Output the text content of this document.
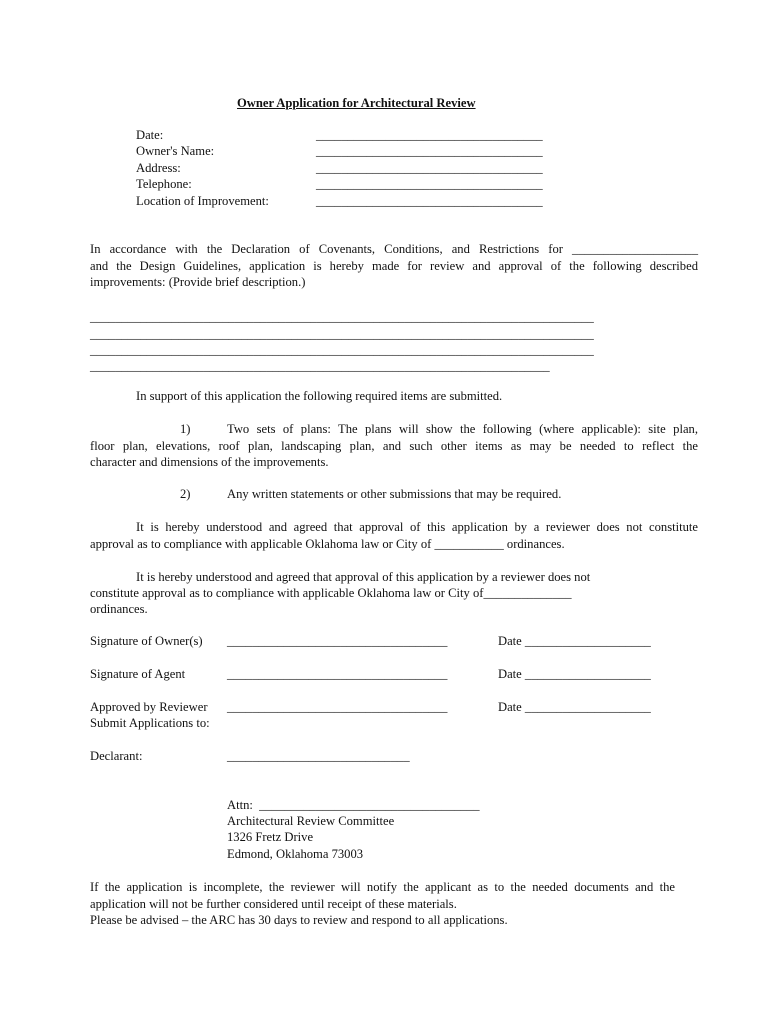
Owner Application for Architectural Review
Date:	____________________________________
Owner's Name:	____________________________________
Address:	____________________________________
Telephone:	____________________________________
Location of Improvement:	____________________________________
In accordance with the Declaration of Covenants, Conditions, and Restrictions for ____________________
and the Design Guidelines, application is hereby made for review and approval of the following described
improvements: (Provide brief description.)
________________________________________________________________________________
________________________________________________________________________________
________________________________________________________________________________
_________________________________________________________________________
In support of this application the following required items are submitted.
1)	Two sets of plans: The plans will show the following (where applicable): site plan,
floor plan, elevations, roof plan, landscaping plan, and such other items as may be needed to reflect the
character and dimensions of the improvements.
2)	Any written statements or other submissions that may be required.
It is hereby understood and agreed that approval of this application by a reviewer does not constitute
approval as to compliance with applicable Oklahoma law or City of ___________ ordinances.
It is hereby understood and agreed that approval of this application by a reviewer does not
constitute approval as to compliance with applicable Oklahoma law or City of______________
ordinances.
Signature of Owner(s) ___________________________________	Date ____________________
Signature of Agent	___________________________________	Date ____________________
Approved by Reviewer ___________________________________	Date ____________________
Submit Applications to:
Declarant:	_____________________________
Attn:  ___________________________________
Architectural Review Committee
1326 Fretz Drive
Edmond, Oklahoma 73003
If the application is incomplete, the reviewer will notify the applicant as to the needed documents and the
application will not be further considered until receipt of these materials.
Please be advised – the ARC has 30 days to review and respond to all applications.
